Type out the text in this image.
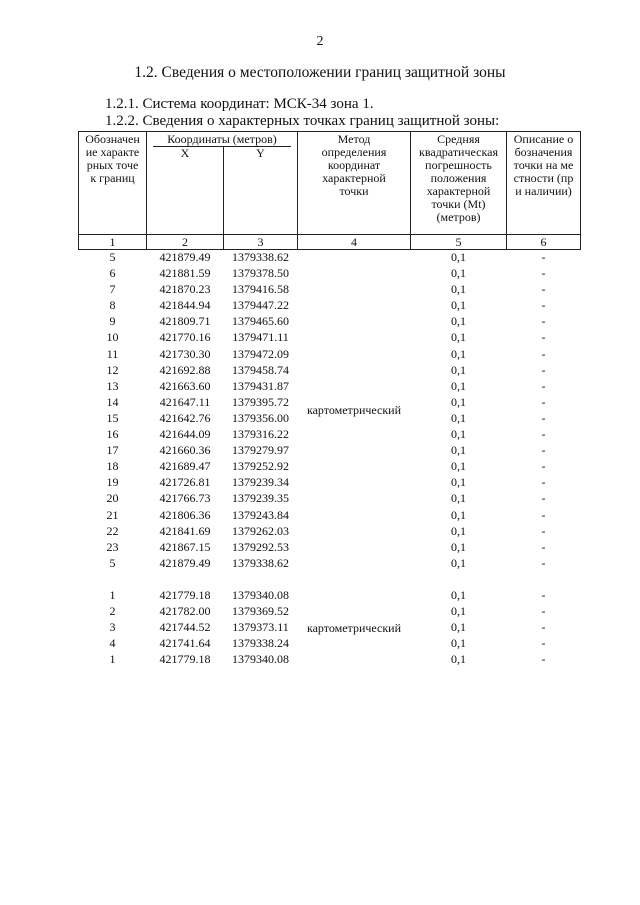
2
1.2. Сведения о местоположении границ защитной зоны
1.2.1. Система координат: МСК-34 зона 1.
1.2.2. Сведения о характерных точках границ защитной зоны:
Обозначение характерных точек границ	Координаты (метров)		Метод определения координат характерной точки	Средняя квадратическая погрешность положения характерной точки (Mt) (метров)	Описание обозначения точки на местности (при наличии)

	X	Y			
1	2	3	4	5	6
5	421879.49	1379338.62	картометрический	0,1	-
6	421881.59	1379378.50		0,1	-
7	421870.23	1379416.58		0,1	-
8	421844.94	1379447.22		0,1	-
9	421809.71	1379465.60		0,1	-
10	421770.16	1379471.11		0,1	-
11	421730.30	1379472.09		0,1	-
12	421692.88	1379458.74		0,1	-
13	421663.60	1379431.87		0,1	-
14	421647.11	1379395.72		0,1	-
15	421642.76	1379356.00		0,1	-
16	421644.09	1379316.22		0,1	-
17	421660.36	1379279.97		0,1	-
18	421689.47	1379252.92		0,1	-
19	421726.81	1379239.34		0,1	-
20	421766.73	1379239.35		0,1	-
21	421806.36	1379243.84		0,1	-
22	421841.69	1379262.03		0,1	-
23	421867.15	1379292.53		0,1	-
5	421879.49	1379338.62		0,1	-

1	421779.18	1379340.08	картометрический	0,1	-
2	421782.00	1379369.52		0,1	-
3	421744.52	1379373.11		0,1	-
4	421741.64	1379338.24		0,1	-
1	421779.18	1379340.08		0,1	-
